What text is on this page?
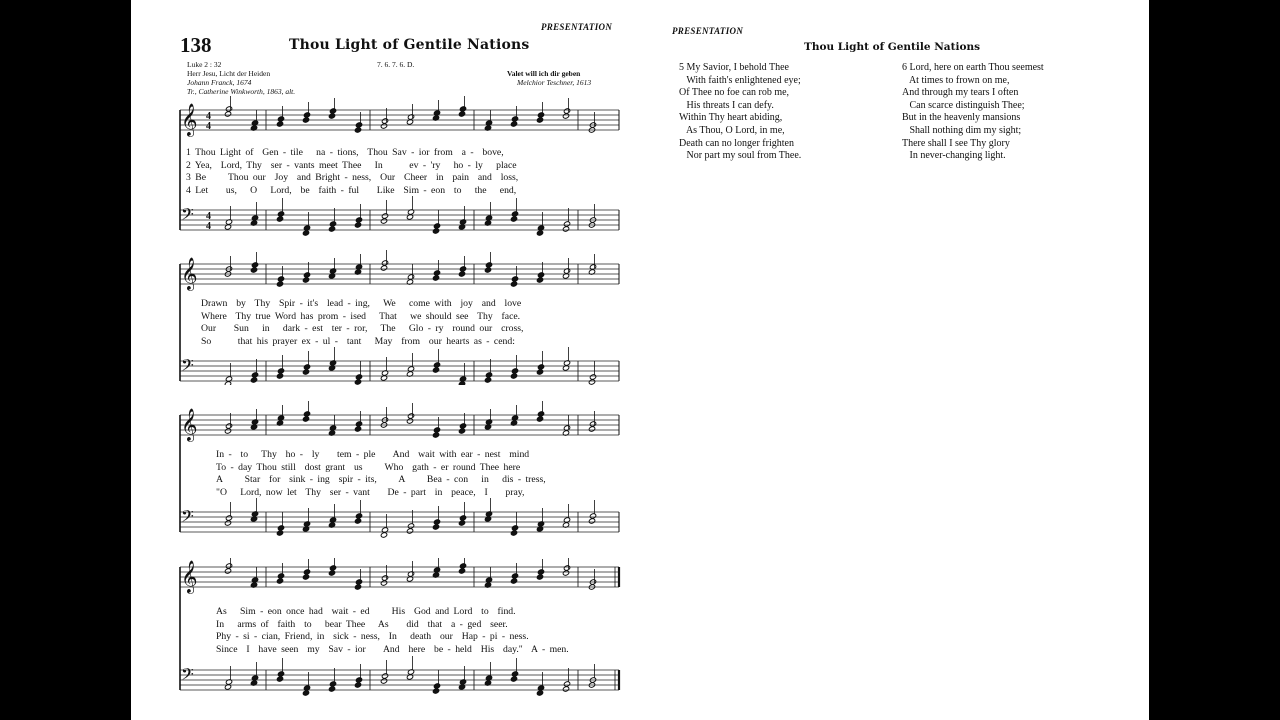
PRESENTATION	PRESENTATION
138	Thou Light of Gentile Nations
Luke 2 : 32
Herr Jesu, Licht der Heiden
Johann Franck, 1674
Tr., Catherine Winkworth, 1863, alt.
7. 6. 7. 6. D.
Valet will ich dir geben
Melchior Teschner, 1613
𝄞 4
4
𝄢 4
4
1 Thou Light of  Gen - tile   na - tions,  Thou Sav - ior from  a -  bove,
2 Yea,  Lord, Thy  ser - vants meet Thee   In      ev - 'ry   ho - ly   place
3 Be     Thou our  Joy  and Bright - ness,  Our  Cheer  in  pain  and  loss,
4 Let    us,   O   Lord,  be  faith - ful    Like  Sim - eon  to   the   end,
𝄞
𝄢
Drawn  by  Thy  Spir - it's  lead - ing,   We   come with  joy  and  love
Where  Thy true Word has prom - ised   That   we should see  Thy  face.
Our    Sun   in   dark - est  ter - ror,   The   Glo - ry  round our  cross,
So      that his prayer ex - ul -  tant   May  from  our hearts as - cend:
𝄞
𝄢
In -  to   Thy  ho -  ly    tem - ple    And  wait with ear - nest  mind
To - day Thou still  dost grant  us     Who  gath - er round Thee here
A     Star  for  sink - ing  spir - its,     A     Bea - con   in   dis - tress,
"O   Lord, now let  Thy  ser - vant    De - part  in  peace,  I    pray,
𝄞
𝄢
As   Sim - eon once had  wait - ed     His  God and Lord  to  find.
In   arms of  faith  to   bear Thee   As    did  that  a - ged  seer.
Phy - si - cian, Friend, in  sick - ness,  In   death  our  Hap - pi - ness.
Since  I  have seen  my  Sav - ior    And  here  be - held  His  day."  A - men.
Thou Light of Gentile Nations
5 My Savior, I behold Thee
With faith's enlightened eye;
Of Thee no foe can rob me,
His threats I can defy.
Within Thy heart abiding,
As Thou, O Lord, in me,
Death can no longer frighten
Nor part my soul from Thee.
6 Lord, here on earth Thou seemest
At times to frown on me,
And through my tears I often
Can scarce distinguish Thee;
But in the heavenly mansions
Shall nothing dim my sight;
There shall I see Thy glory
In never-changing light.
